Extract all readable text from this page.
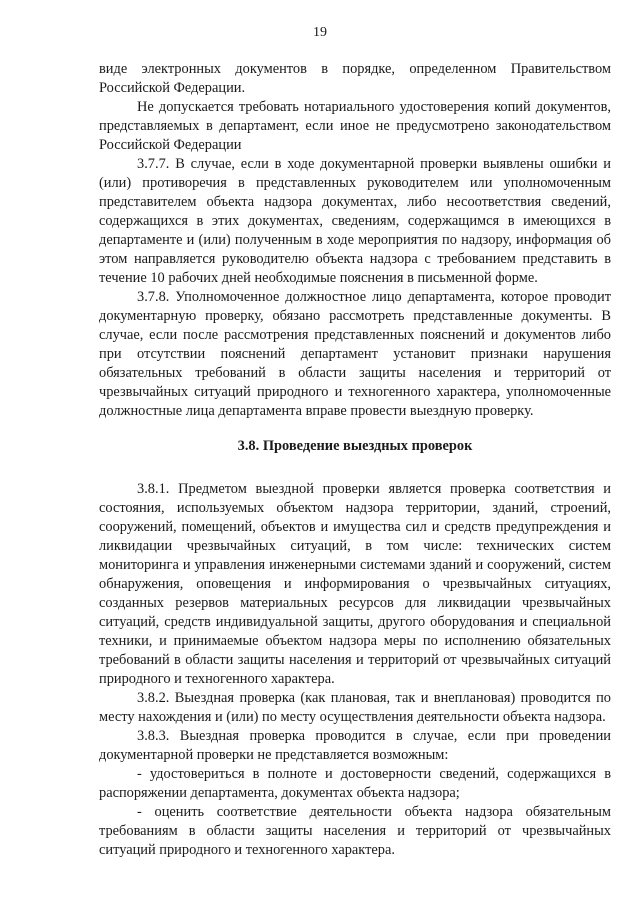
19

виде электронных документов в порядке, определенном Правительством Российской Федерации.

Не допускается требовать нотариального удостоверения копий документов, представляемых в департамент, если иное не предусмотрено законодательством Российской Федерации

3.7.7. В случае, если в ходе документарной проверки выявлены ошибки и (или) противоречия в представленных руководителем или уполномоченным представителем объекта надзора документах, либо несоответствия сведений, содержащихся в этих документах, сведениям, содержащимся в имеющихся в департаменте и (или) полученным в ходе мероприятия по надзору, информация об этом направляется руководителю объекта надзора с требованием представить в течение 10 рабочих дней необходимые пояснения в письменной форме.

3.7.8. Уполномоченное должностное лицо департамента, которое проводит документарную проверку, обязано рассмотреть представленные документы. В случае, если после рассмотрения представленных пояснений и документов либо при отсутствии пояснений департамент установит признаки нарушения обязательных требований в области защиты населения и территорий от чрезвычайных ситуаций природного и техногенного характера, уполномоченные должностные лица департамента вправе провести выездную проверку.

3.8. Проведение выездных проверок

3.8.1. Предметом выездной проверки является проверка соответствия и состояния, используемых объектом надзора территории, зданий, строений, сооружений, помещений, объектов и имущества сил и средств предупреждения и ликвидации чрезвычайных ситуаций, в том числе: технических систем мониторинга и управления инженерными системами зданий и сооружений, систем обнаружения, оповещения и информирования о чрезвычайных ситуациях, созданных резервов материальных ресурсов для ликвидации чрезвычайных ситуаций, средств индивидуальной защиты, другого оборудования и специальной техники, и принимаемые объектом надзора меры по исполнению обязательных требований в области защиты населения и территорий от чрезвычайных ситуаций природного и техногенного характера.

3.8.2. Выездная проверка (как плановая, так и внеплановая) проводится по месту нахождения и (или) по месту осуществления деятельности объекта надзора.

3.8.3. Выездная проверка проводится в случае, если при проведении документарной проверки не представляется возможным:

- удостовериться в полноте и достоверности сведений, содержащихся в распоряжении департамента, документах объекта надзора;

- оценить соответствие деятельности объекта надзора обязательным требованиям в области защиты населения и территорий от чрезвычайных ситуаций природного и техногенного характера.
